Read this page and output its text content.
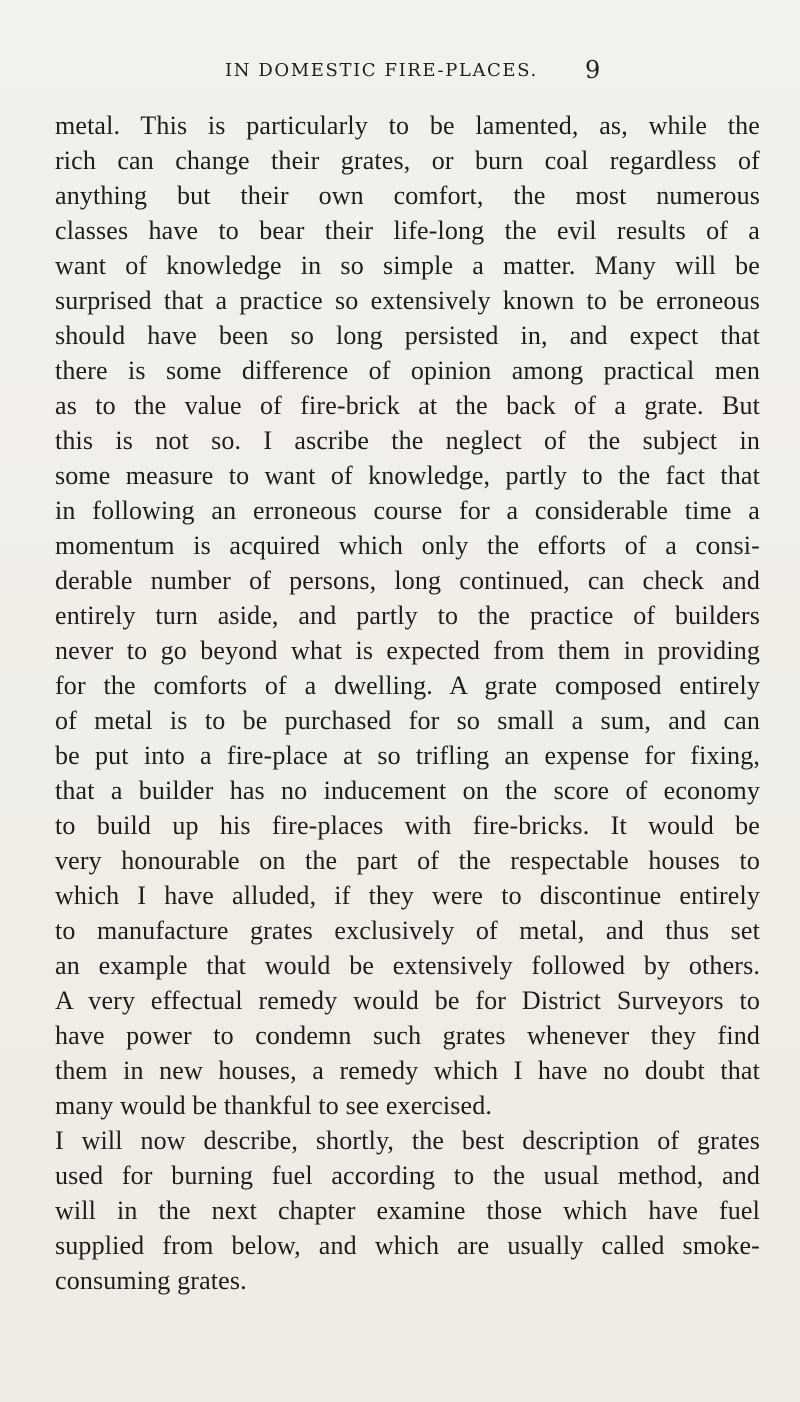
IN DOMESTIC FIRE-PLACES. 9
metal. This is particularly to be lamented, as, while the
rich can change their grates, or burn coal regardless of
anything but their own comfort, the most numerous
classes have to bear their life-long the evil results of a
want of knowledge in so simple a matter. Many will be
surprised that a practice so extensively known to be erroneous
should have been so long persisted in, and expect that
there is some difference of opinion among practical men
as to the value of fire-brick at the back of a grate. But
this is not so. I ascribe the neglect of the subject in
some measure to want of knowledge, partly to the fact that
in following an erroneous course for a considerable time a
momentum is acquired which only the efforts of a consi-
derable number of persons, long continued, can check and
entirely turn aside, and partly to the practice of builders
never to go beyond what is expected from them in providing
for the comforts of a dwelling. A grate composed entirely
of metal is to be purchased for so small a sum, and can
be put into a fire-place at so trifling an expense for fixing,
that a builder has no inducement on the score of economy
to build up his fire-places with fire-bricks. It would be
very honourable on the part of the respectable houses to
which I have alluded, if they were to discontinue entirely
to manufacture grates exclusively of metal, and thus set
an example that would be extensively followed by others.
A very effectual remedy would be for District Surveyors to
have power to condemn such grates whenever they find
them in new houses, a remedy which I have no doubt that
many would be thankful to see exercised.
I will now describe, shortly, the best description of grates
used for burning fuel according to the usual method, and
will in the next chapter examine those which have fuel
supplied from below, and which are usually called smoke-
consuming grates.
